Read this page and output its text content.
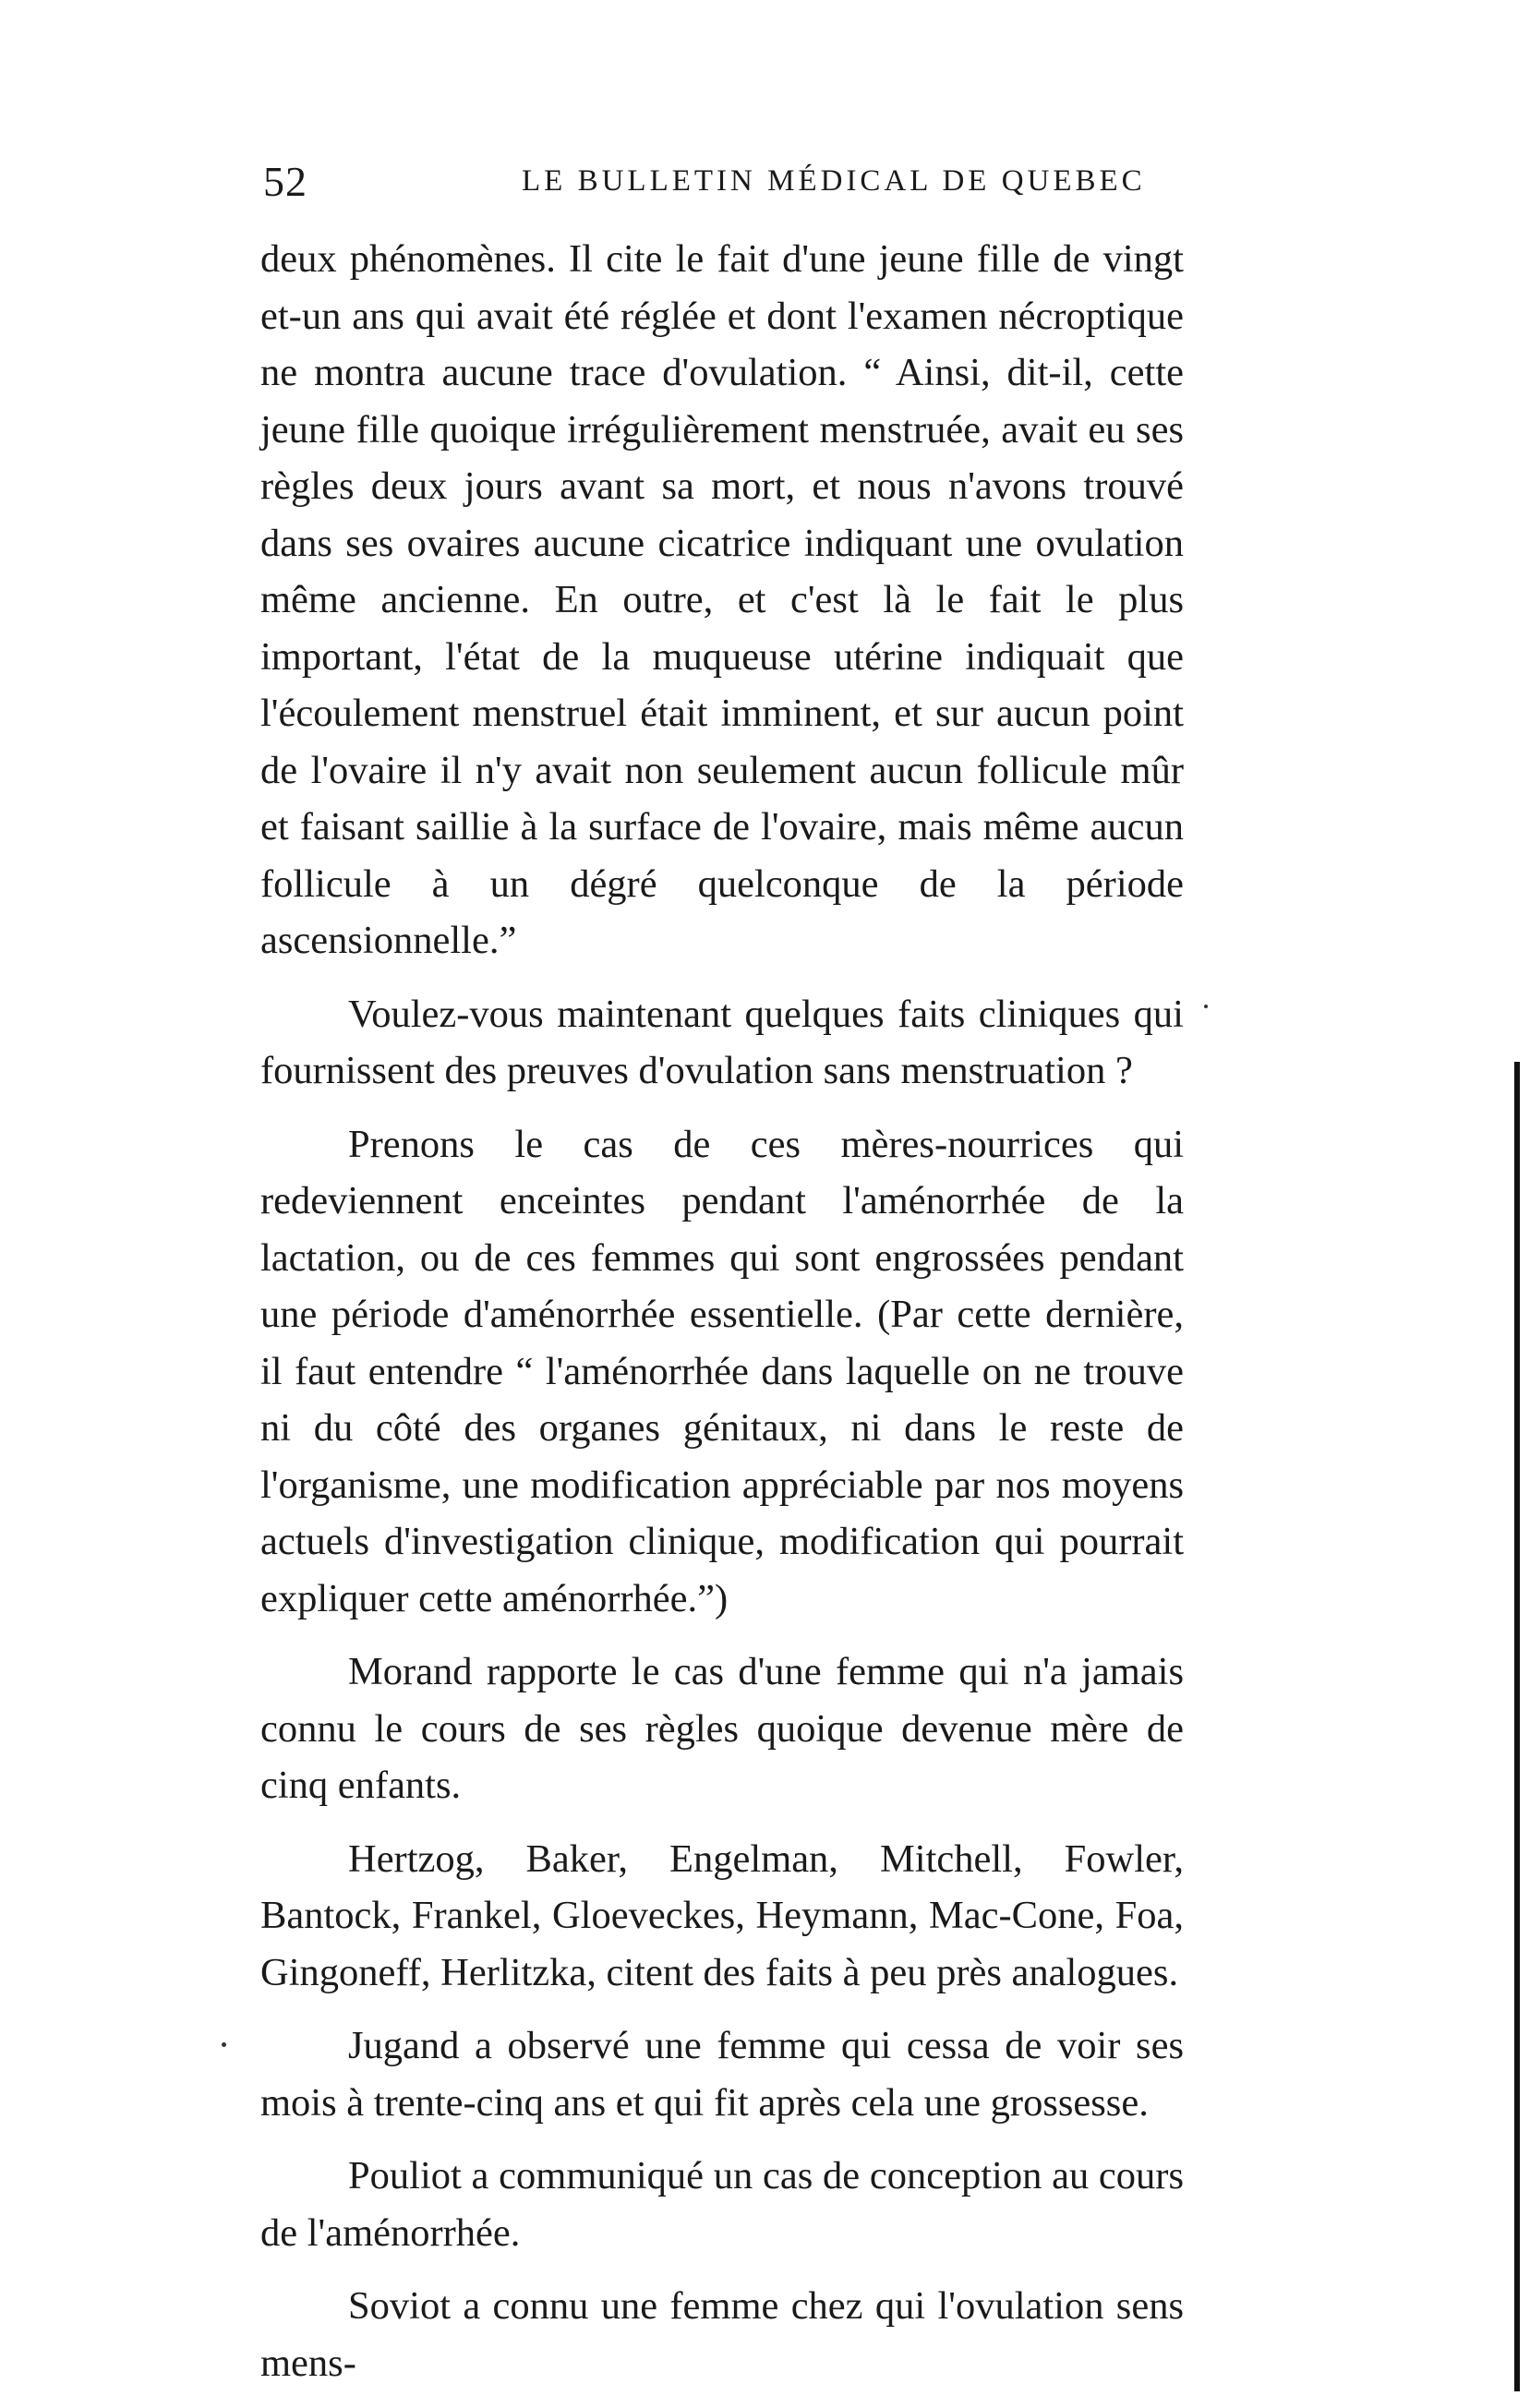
52	LE BULLETIN MÉDICAL DE QUEBEC

deux phénomènes. Il cite le fait d'une jeune fille de vingt et-un ans qui avait été réglée et dont l'examen nécroptique ne montra aucune trace d'ovulation. “ Ainsi, dit-il, cette jeune fille quoique irrégulièrement menstruée, avait eu ses règles deux jours avant sa mort, et nous n'avons trouvé dans ses ovaires aucune cicatrice indiquant une ovulation même ancienne. En outre, et c'est là le fait le plus important, l'état de la muqueuse utérine indiquait que l'écoulement menstruel était imminent, et sur aucun point de l'ovaire il n'y avait non seulement aucun follicule mûr et faisant saillie à la surface de l'ovaire, mais même aucun follicule à un dégré quelconque de la période ascensionnelle.”

Voulez-vous maintenant quelques faits cliniques qui fournissent des preuves d'ovulation sans menstruation ?

Prenons le cas de ces mères-nourrices qui redeviennent enceintes pendant l'aménorrhée de la lactation, ou de ces femmes qui sont engrossées pendant une période d'aménorrhée essentielle. (Par cette dernière, il faut entendre “ l'aménorrhée dans laquelle on ne trouve ni du côté des organes génitaux, ni dans le reste de l'organisme, une modification appréciable par nos moyens actuels d'investigation clinique, modification qui pourrait expliquer cette aménorrhée.”)

Morand rapporte le cas d'une femme qui n'a jamais connu le cours de ses règles quoique devenue mère de cinq enfants.

Hertzog, Baker, Engelman, Mitchell, Fowler, Bantock, Frankel, Gloeveckes, Heymann, Mac-Cone, Foa, Gingoneff, Herlitzka, citent des faits à peu près analogues.

Jugand a observé une femme qui cessa de voir ses mois à trente-cinq ans et qui fit après cela une grossesse.

Pouliot a communiqué un cas de conception au cours de l'aménorrhée.

Soviot a connu une femme chez qui l'ovulation sens mens-
